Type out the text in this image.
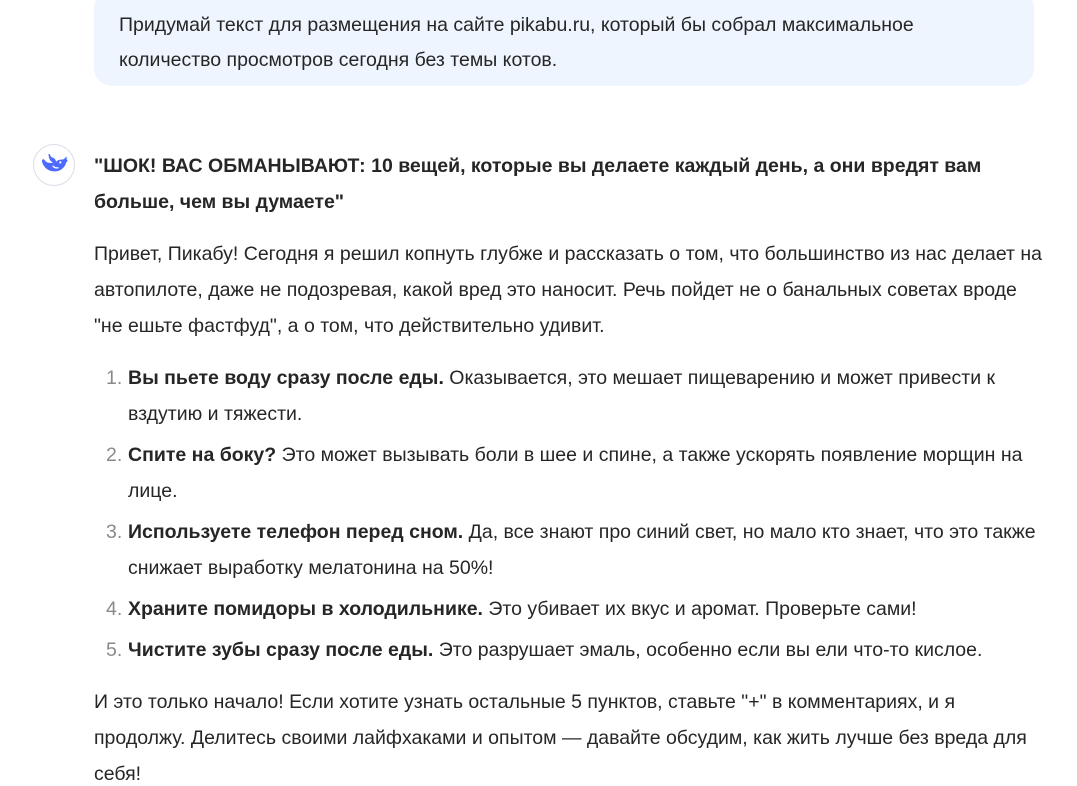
Придумай текст для размещения на сайте pikabu.ru, который бы собрал максимальное количество просмотров сегодня без темы котов.

"ШОК! ВАС ОБМАНЫВАЮТ: 10 вещей, которые вы делаете каждый день, а они вредят вам больше, чем вы думаете"

Привет, Пикабу! Сегодня я решил копнуть глубже и рассказать о том, что большинство из нас делает на автопилоте, даже не подозревая, какой вред это наносит. Речь пойдет не о банальных советах вроде "не ешьте фастфуд", а о том, что действительно удивит.

1. Вы пьете воду сразу после еды. Оказывается, это мешает пищеварению и может привести к вздутию и тяжести.
2. Спите на боку? Это может вызывать боли в шее и спине, а также ускорять появление морщин на лице.
3. Используете телефон перед сном. Да, все знают про синий свет, но мало кто знает, что это также снижает выработку мелатонина на 50%!
4. Храните помидоры в холодильнике. Это убивает их вкус и аромат. Проверьте сами!
5. Чистите зубы сразу после еды. Это разрушает эмаль, особенно если вы ели что-то кислое.

И это только начало! Если хотите узнать остальные 5 пунктов, ставьте "+" в комментариях, и я продолжу. Делитесь своими лайфхаками и опытом — давайте обсудим, как жить лучше без вреда для себя!
